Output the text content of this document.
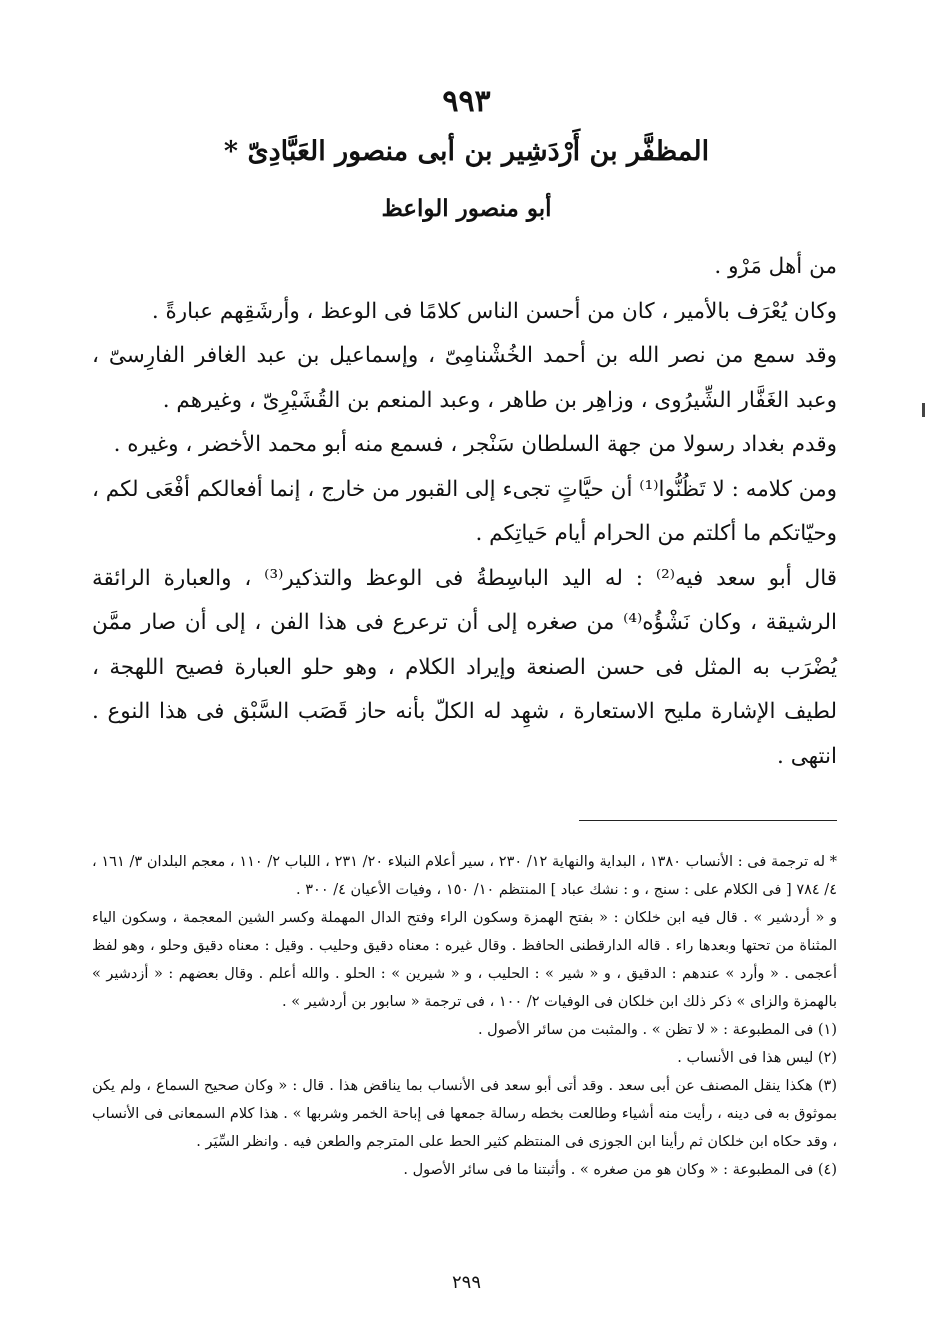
٩٩٣
المظفَّر بن أَرْدَشِير بن أبى منصور العَبَّادِىّ *
أبو منصور الواعظ

من أهل مَرْو .

وكان يُعْرَف بالأمير ، كان من أحسن الناس كلامًا فى الوعظ ، وأرشَقِهم عبارةً .

وقد سمع من نصر الله بن أحمد الخُشْنامِىّ ، وإسماعيل بن عبد الغافر الفارِسىّ ، وعبد الغَفَّار الشِّيرُوى ، وزاهِر بن طاهر ، وعبد المنعم بن القُشَيْرِىّ ، وغيرهم .

وقدم بغداد رسولا من جهة السلطان سَنْجر ، فسمع منه أبو محمد الأخضر ، وغيره .

ومن كلامه : لا تَظُنُّوا⁽¹⁾ أن حيَّاتٍ تجىء إلى القبور من خارج ، إنما أفعالكم أفْعَى لكم ، وحيّاتكم ما أكلتم من الحرام أيام حَياتِكم .

قال أبو سعد فيه⁽²⁾ : له اليد الباسِطةُ فى الوعظ والتذكير⁽³⁾ ، والعبارة الرائقة الرشيقة ، وكان نَشْؤُه⁽⁴⁾ من صغره إلى أن ترعرع فى هذا الفن ، إلى أن صار ممَّن يُضْرَب به المثل فى حسن الصنعة وإيراد الكلام ، وهو حلو العبارة فصيح اللهجة ، لطيف الإشارة مليح الاستعارة ، شهِد له الكلّ بأنه حاز قَصَب السَّبْق فى هذا النوع . انتهى .

* له ترجمة فى : الأنساب ١٣٨٠ ، البداية والنهاية ١٢/ ٢٣٠ ، سير أعلام النبلاء ٢٠/ ٢٣١ ، اللباب ٢/ ١١٠ ، معجم البلدان ٣/ ١٦١ ، ٤/ ٧٨٤ [ فى الكلام على : سنج ، و : نشك عباد ] المنتظم ١٠/ ١٥٠ ، وفيات الأعيان ٤/ ٣٠٠ .

و « أردشير » . قال فيه ابن خلكان : « بفتح الهمزة وسكون الراء وفتح الدال المهملة وكسر الشين المعجمة ، وسكون الياء المثناة من تحتها وبعدها راء . قاله الدارقطنى الحافظ . وقال غيره : معناه دقيق وحليب . وقيل : معناه دقيق وحلو ، وهو لفظ أعجمى . « وأرد » عندهم : الدقيق ، و « شير » : الحليب ، و « شيرين » : الحلو . والله أعلم . وقال بعضهم : « أزدشير » بالهمزة والزاى » ذكر ذلك ابن خلكان فى الوفيات ٢/ ١٠٠ ، فى ترجمة « سابور بن أردشير » .

(١) فى المطبوعة : « لا تظن » . والمثبت من سائر الأصول .

(٢) ليس هذا فى الأنساب .

(٣) هكذا ينقل المصنف عن أبى سعد . وقد أتى أبو سعد فى الأنساب بما يناقض هذا . قال : « وكان صحيح السماع ، ولم يكن بموثوق به فى دينه ، رأيت منه أشياء وطالعت بخطه رسالة جمعها فى إباحة الخمر وشربها » . هذا كلام السمعانى فى الأنساب ، وقد حكاه ابن خلكان ثم رأينا ابن الجوزى فى المنتظم كثير الحط على المترجم والطعن فيه . وانظر السِّيَر .

(٤) فى المطبوعة : « وكان هو من صغره » . وأثبتنا ما فى سائر الأصول .

٢٩٩
